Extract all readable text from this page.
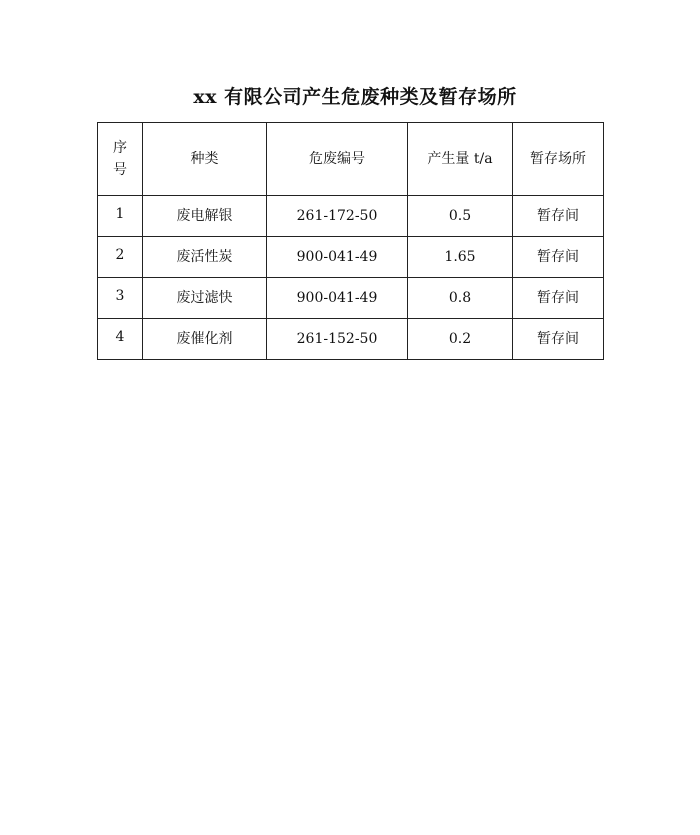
xx 有限公司产生危废种类及暂存场所
序号	种类	危废编号	产生量 t/a	暂存场所
1	废电解银	261-172-50	0.5	暂存间
2	废活性炭	900-041-49	1.65	暂存间
3	废过滤快	900-041-49	0.8	暂存间
4	废催化剂	261-152-50	0.2	暂存间
